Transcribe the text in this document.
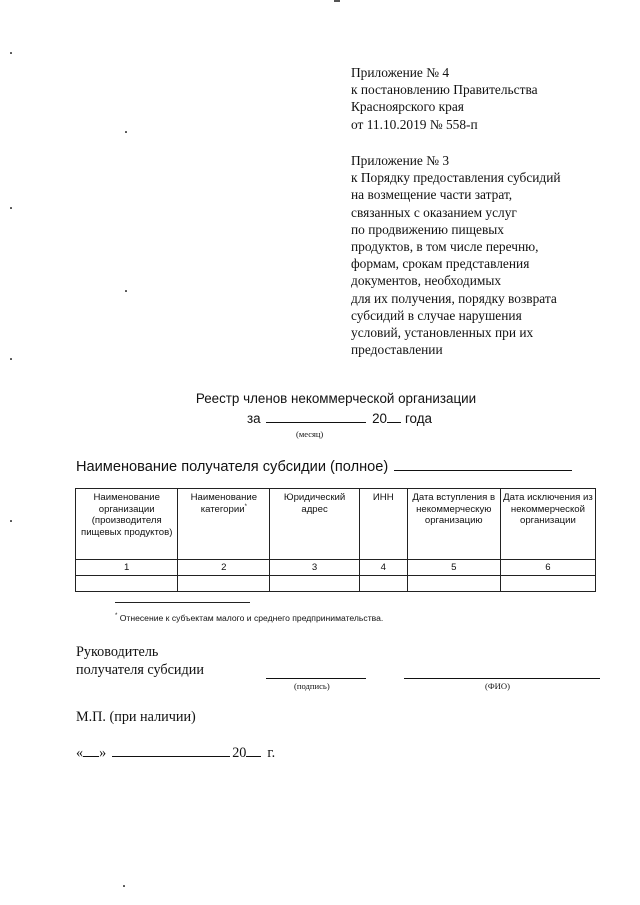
Приложение № 4
к постановлению Правительства
Красноярского края
от 11.10.2019 № 558-п
Приложение № 3
к Порядку предоставления субсидий
на возмещение части затрат,
связанных с оказанием услуг
по продвижению пищевых
продуктов, в том числе перечню,
формам, срокам представления
документов, необходимых
для их получения, порядку возврата
субсидий в случае нарушения
условий, установленных при их
предоставлении
Реестр членов некоммерческой организации
за	20 года
(месяц)
Наименование получателя субсидии (полное)
Наименование организации (производителя пищевых продуктов)	Наименование категории*	Юридический адрес	ИНН	Дата вступления в некоммерческую организацию	Дата исключения из некоммерческой организации
1	2	3	4	5	6

* Отнесение к субъектам малого и среднего предпринимательства.
Руководитель
получателя субсидии
(подпись)	(ФИО)
М.П. (при наличии)
« »	20 г.
